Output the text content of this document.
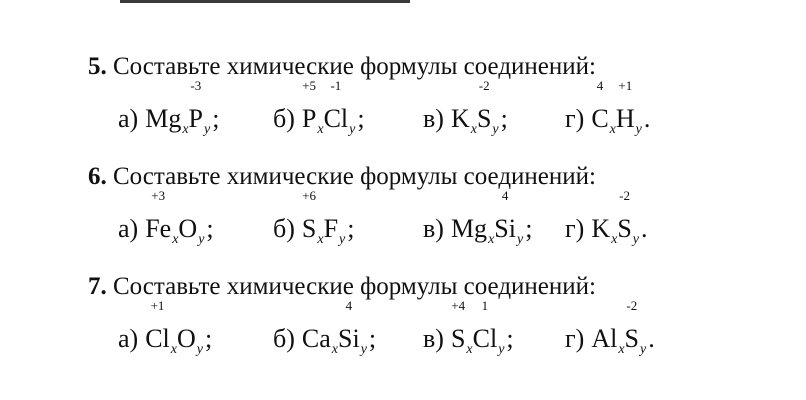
5. Составьте химические формулы соединений:
а) Mg x P
-3
y ; б) P
+5
x Cl
-1
y ; в) K x S
-2
y ; г) C
4
x H
+1
y .
6. Составьте химические формулы соединений:
а) Fe
+3
x O y ; б) S
+6
x F y ;	в) Mg x Si
4
y ; г) K x S
-2
y .
7. Составьте химические формулы соединений:
а) Cl
+1
x O y ; б) Ca x Si
4
y ; в) S
+4
x Cl
1
y ; г) Al x S
-2
y .
